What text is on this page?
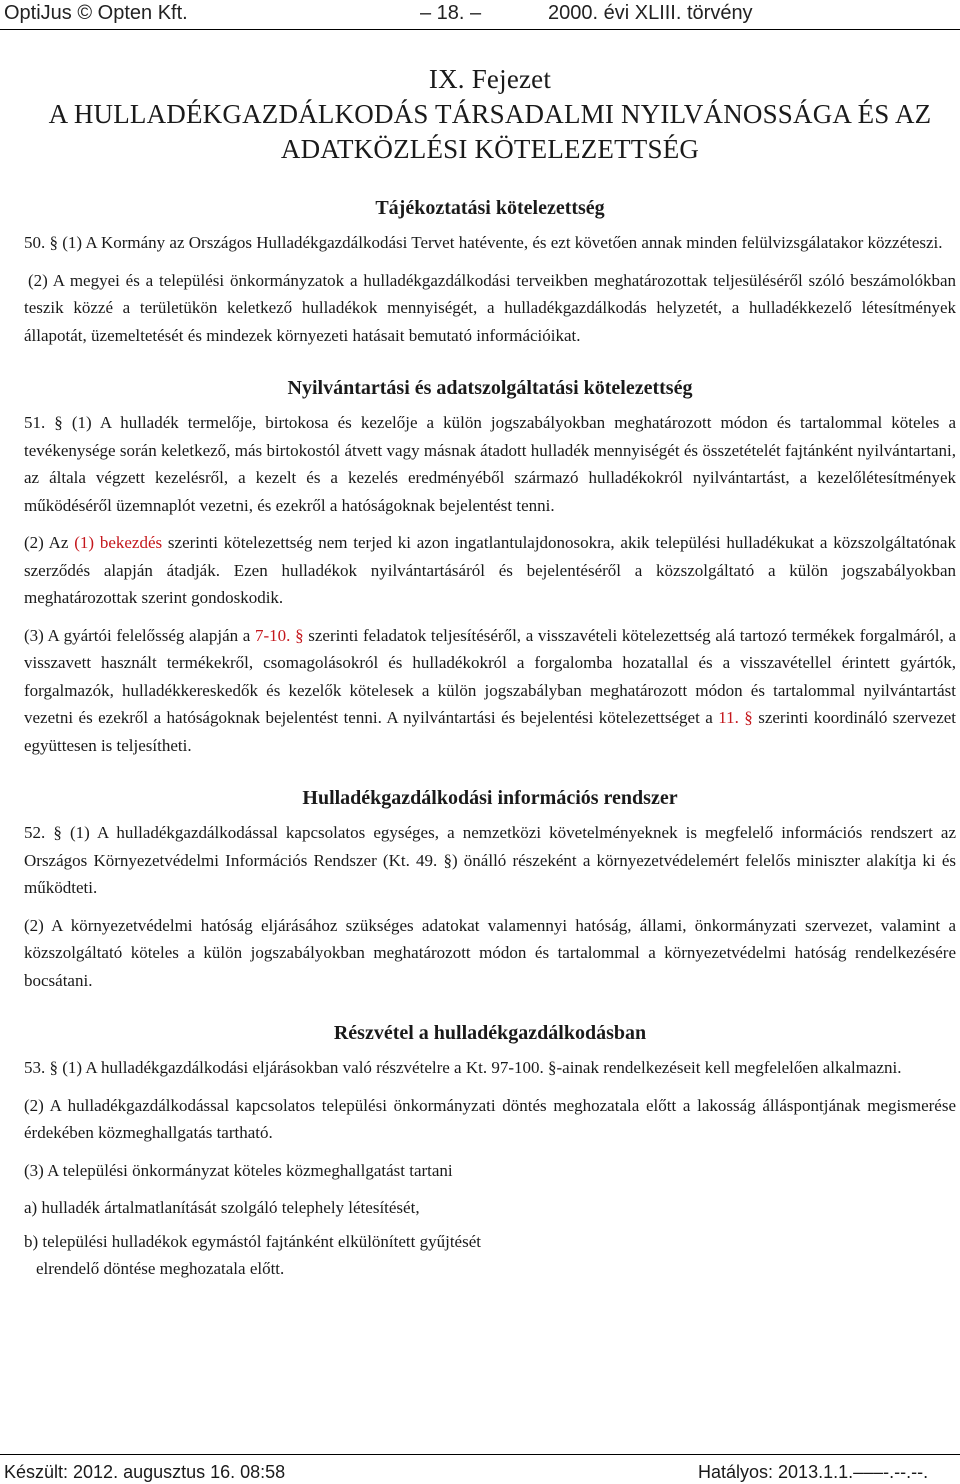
OptiJus © Opten Kft.	– 18. –	2000. évi XLIII. törvény
IX. Fejezet
A HULLADÉKGAZDÁLKODÁS TÁRSADALMI NYILVÁNOSSÁGA ÉS AZ
ADATKÖZLÉSI KÖTELEZETTSÉG
Tájékoztatási kötelezettség

50. § (1) A Kormány az Országos Hulladékgazdálkodási Tervet hatévente, és ezt követően annak minden felülvizsgálatakor közzéteszi.

(2) A megyei és a települési önkormányzatok a hulladékgazdálkodási terveikben meghatározottak teljesüléséről szóló beszámolókban teszik közzé a területükön keletkező hulladékok mennyiségét, a hulladékgazdálkodás helyzetét, a hulladékkezelő létesítmények állapotát, üzemeltetését és mindezek környezeti hatásait bemutató információikat.

Nyilvántartási és adatszolgáltatási kötelezettség

51. § (1) A hulladék termelője, birtokosa és kezelője a külön jogszabályokban meghatározott módon és tartalommal köteles a tevékenysége során keletkező, más birtokostól átvett vagy másnak átadott hulladék mennyiségét és összetételét fajtánként nyilvántartani, az általa végzett kezelésről, a kezelt és a kezelés eredményéből származó hulladékokról nyilvántartást, a kezelőlétesítmények működéséről üzemnaplót vezetni, és ezekről a hatóságoknak bejelentést tenni.

(2) Az (1) bekezdés szerinti kötelezettség nem terjed ki azon ingatlantulajdonosokra, akik települési hulladékukat a közszolgáltatónak szerződés alapján átadják. Ezen hulladékok nyilvántartásáról és bejelentéséről a közszolgáltató a külön jogszabályokban meghatározottak szerint gondoskodik.

(3) A gyártói felelősség alapján a 7-10. § szerinti feladatok teljesítéséről, a visszavételi kötelezettség alá tartozó termékek forgalmáról, a visszavett használt termékekről, csomagolásokról és hulladékokról a forgalomba hozatallal és a visszavétellel érintett gyártók, forgalmazók, hulladékkereskedők és kezelők kötelesek a külön jogszabályban meghatározott módon és tartalommal nyilvántartást vezetni és ezekről a hatóságoknak bejelentést tenni. A nyilvántartási és bejelentési kötelezettséget a 11. § szerinti koordináló szervezet együttesen is teljesítheti.

Hulladékgazdálkodási információs rendszer

52. § (1) A hulladékgazdálkodással kapcsolatos egységes, a nemzetközi követelményeknek is megfelelő információs rendszert az Országos Környezetvédelmi Információs Rendszer (Kt. 49. §) önálló részeként a környezetvédelemért felelős miniszter alakítja ki és működteti.

(2) A környezetvédelmi hatóság eljárásához szükséges adatokat valamennyi hatóság, állami, önkormányzati szervezet, valamint a közszolgáltató köteles a külön jogszabályokban meghatározott módon és tartalommal a környezetvédelmi hatóság rendelkezésére bocsátani.

Részvétel a hulladékgazdálkodásban

53. § (1) A hulladékgazdálkodási eljárásokban való részvételre a Kt. 97-100. §-ainak rendelkezéseit kell megfelelően alkalmazni.

(2) A hulladékgazdálkodással kapcsolatos települési önkormányzati döntés meghozatala előtt a lakosság álláspontjának megismerése érdekében közmeghallgatás tartható.

(3) A települési önkormányzat köteles közmeghallgatást tartani

a) hulladék ártalmatlanítását szolgáló telephely létesítését,
b) települési hulladékok egymástól fajtánként elkülönített gyűjtését
elrendelő döntése meghozatala előtt.
Készült: 2012. augusztus 16. 08:58	Hatályos: 2013.1.1.–––-.--.--.
